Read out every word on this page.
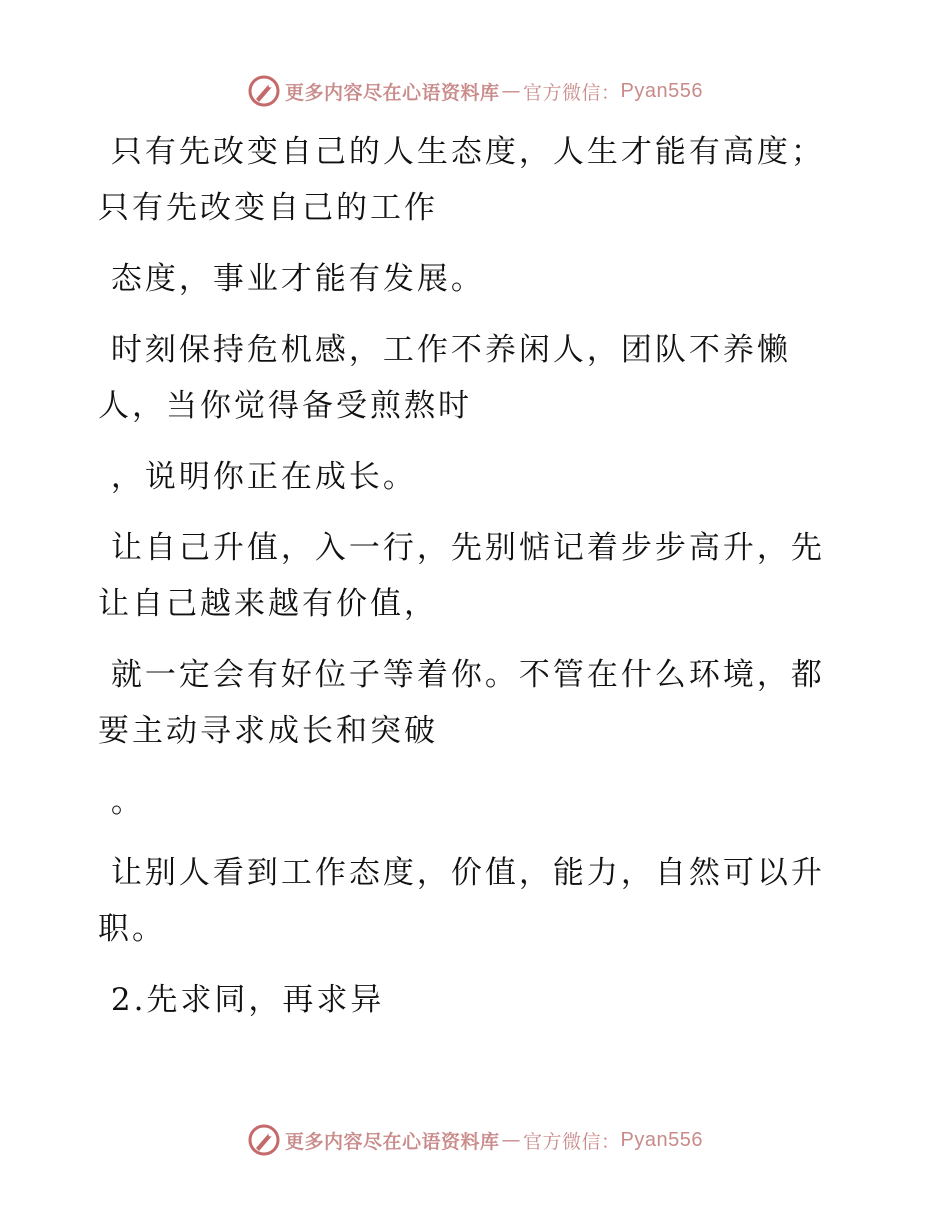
更多内容尽在心语资料库 — 官方微信： Pyan556

只有先改变自己的人生态度，人生才能有高度；只有先改变自己的工作

态度，事业才能有发展。

时刻保持危机感，工作不养闲人，团队不养懒人，当你觉得备受煎熬时

，说明你正在成长。

让自己升值，入一行，先别惦记着步步高升，先让自己越来越有价值，

就一定会有好位子等着你。不管在什么环境，都要主动寻求成长和突破

。

让别人看到工作态度，价值，能力，自然可以升职。

2.先求同，再求异

更多内容尽在心语资料库 — 官方微信： Pyan556
